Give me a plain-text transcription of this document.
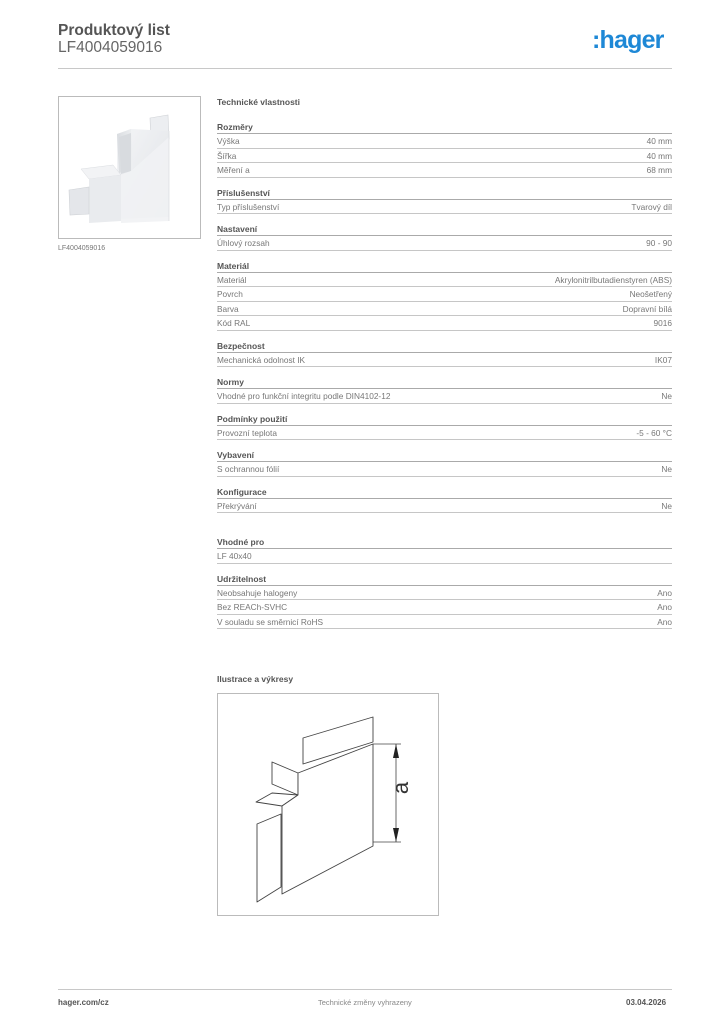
Produktový list
LF4004059016	:hager
LF4004059016
Technické vlastnosti
Rozměry
Výška	40 mm
Šířka	40 mm
Měření a	68 mm
Příslušenství
Typ příslušenství	Tvarový díl
Nastavení
Úhlový rozsah	90 - 90
Materiál
Materiál	Akrylonitrilbutadienstyren (ABS)
Povrch	Neošetřený
Barva	Dopravní bílá
Kód RAL	9016
Bezpečnost
Mechanická odolnost IK	IK07
Normy
Vhodné pro funkční integritu podle DIN4102-12	Ne
Podmínky použití
Provozní teplota	-5 - 60 °C
Vybavení
S ochrannou fólií	Ne
Konfigurace
Překrývání	Ne
Vhodné pro
LF 40x40
Udržitelnost
Neobsahuje halogeny	Ano
Bez REACh-SVHC	Ano
V souladu se směrnicí RoHS	Ano
Ilustrace a výkresy
a
hager.com/cz	Technické změny vyhrazeny	03.04.2026
